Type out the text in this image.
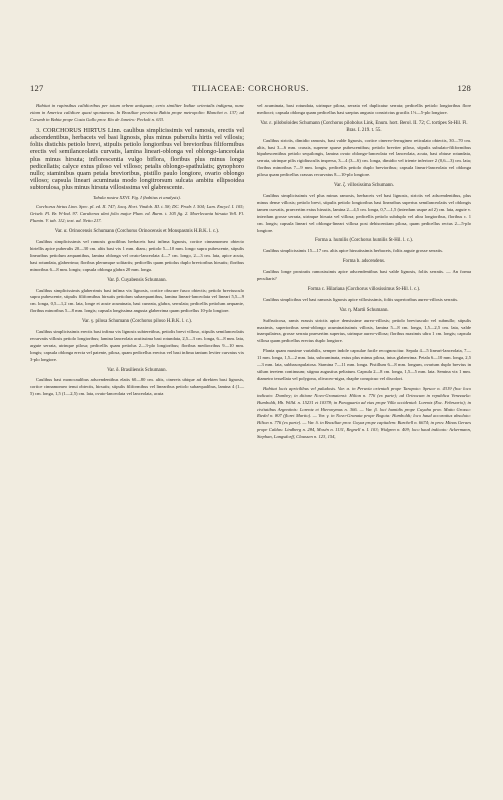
127	TILIACEAE: CORCHORUS.	128

Habitat in rupinsibus calidioribus per totum orbem antiquum; certo similiter Indiae orientalis indigena, nunc etiam in America calidiore quasi spontaneus. In Brasiliae provincia Bahia prope metropolin: Blanchet n. 137; ad Corumb in Bahia prope Costa Gallo prov. Rio de Janeiro: Peckolt n. 633.

3. CORCHORUS HIRTUS Linn. caulibus simplicissimis vel ramosis, erectis vel adscendentibus, herbaceis vel basi lignosis, plus minus puberulis hirtis vel villosis; foliis distichis petiolo brevi, stipulis petiolo longioribus vel brevioribus filiformibus erectis vel semilanceolatis curvatis, lamina lineari-oblonga vel oblongo-lanceolata plus minus hirsuta; inflorescentia vulgo biflora, floribus plus minus longe pedicellatis; calyce extus piloso vel villoso; petalis oblongo-spathulatis; gynophoro nullo; staminibus quam petala brevioribus, pistillo paulo longiore, ovario oblongo villoso; capsula lineari acuminata modo longitrorsum sulcata ambitu ellipsoidea subtorulosa, plus minus hirsuta villosissima vel glabrescente.

Tabula nostra XXVI. Fig. I (habitus et analysis).

Corchorus hirtus Linn. Spec. pl. ed. II. 747; Jacq. Hort. Vindob. III. t. 58; DC. Prodr. I. 504; Lam. Encycl. I. 105; Griseb. Fl. Br. W-Ind. 97. Caruheras ulmi folio major Plum. ed. Burm. t. 105 fig. 2. Moerlecania hirsuta Vell. Fl. Flumin. V. tab. 112; text. ad. Netto 217.

Var. α. Orinocensis Schumann (Corchorus Orinocensis et Monspasmis H.B.K. l. c.).

Caulibus simplicissimis vel ramosis gracilibus herbaceis basi infima lignosis, cortice cinnamomeo obtecto hirtellis apice puberulis 20—30 cm. altis basi vix 1 mm. diam.; petiolo 5—10 mm. longo supra pubescente, stipulis linearibus petiolum aequantibus, lamina oblonga vel ovato-lanceolata 4—7 cm. longo, 2—3 cm. lata, apice acuta, basi rotundata, glaberrima; floribus plerumque solitariis; pedicellis quam petiolus duplo brevioribus hirsutis; floribus minoribus 6—8 mm. longis; capsula oblonga glabra 20 mm. longa.

Var. β. Cuyabensis Schumann.

Caulibus simplicissimis glaberrimis basi infima vix lignosis, cortice obscure fusco obtectis; petiolo breviusculo supra pubescente, stipulis filiformibus hirsutis petiolum subaequantibus, lamina lineari-lanceolata vel lineari 5,5—9 cm. longa, 0,5—1,2 cm. lata, longe et acute acuminata, basi cuneata, glabra, serrulata; pedicellis petiolum aequante, floribus minoribus 5—8 mm. longis; capsula longissima angusta glaberrima quam pedicellus 10-plo longiore.

Var. γ. pilosa Schumann (Corchorus piloso H.B.K. l. c.).

Caulibus simplicissimis erectis basi infima vix lignosis subteretibus, petiolis brevi villoso, stipulis semilanceolatis recurvatis villosis petiolo longioribus; lamina lanceolata acutissima basi rotundata, 2,5—3 cm. longa, 6—8 mm. lata, argute serrata, utrinque pilosa; pedicellis quam petiolus 2—3-plo longioribus; floribus mediocribus 9—10 mm. longis; capsula oblonga erecta vel patente, pilosa, quam pedicellus erectus vel basi infima tantum leviter curvatus vix 3-plo longiore.

Var. δ. Brasiliensis Schumann.

Caulibus basi monocaulibus adscendentibus elatis 60—80 cm. altis, cinereis ubique ad direkten basi lignosis, cortice cinnamomeo tenui obtectis, hirsutis; stipulis filiformibus vel linearibus petiolo subaequalibus, lamina 4 (1—5) cm. longa, 1,5 (1—2,5) cm. lata, ovato-lanceolata vel lanceolata, acuta

vel acuminata, basi rotundata, utrinque pilosa, serrata vel duplicatur serrata; pedicellis petiolo longioribus flore mediocri; capsula oblonga quam pedicellus basi saepius angusto constrictus gracilis 1½—5-plo longiore.

Var. ε. piloboloides Schumann (Corchorus pilobolus Link, Enum. hort. Berol. II. 72; C. tortipes St-Hil. Fl. Bras. I. 219. t. 55.

Caulibus strictis, dimidio ramosis, basi valde lignosis, cortice cinereo-ferrugineo reticulato obtectis, 30—70 cm. altis, basi 3—6 mm. crassis, superne sparse pubescentibus; petiolo breviter piloso, stipulis subulato-filiformibus bipubescentibus petiolo sequilongis, lamina ovato oblongo-lanceolata vel lanceolata, acuta, basi obtuse rotundata, serrata, utrinque pilis rigidiusculis inspersa, 3—4 (3—6) cm. longa, dimidio vel triente inferiore 2 (0,6—3) cm. lata; floribus minoribus 7—9 mm. longis, pedicellis petiolo duplo brevioribus; capsula lineari-lanceolata vel oblonga pilosa quam pedicellus crassus recurvatus 8—10-plo longiore.

Var. ζ. villosissima Schumann.

Caulibus simplicissimis vel plus minus ramosis, herbaceis vel basi lignosis, strictis vel adscendentibus, plus minus dense villosis; petiolo brevi, stipulis petiolo longioribus basi linearibus superius semilanceolatis vel oblongis tamen curvatis, praecertim extus hirsutis, lamina 2—4,5 cm. longa, 0,7—1,5 (interdum usque ad 2) cm. lata, argute v. interdum grosse serrata, utrinque hirsuta vel villosa; pedicellis petiolo subduplo vel altra longioribus, floribus c. 1 cm. longis; capsula lineari vel oblonga-lineari villosa post dehiscentiam pilosa, quam pedicellus rectus 2—5-plo longiore.

Forma a. humilis (Corchorus humilis St-Hil. l. c.).

Caulibus simplicissimis 15—17 cm. altis apice hirsutissimis herbaceis, foliis argute grosse serratis.

Forma b. adscendens.

Caulibus longe prostratis ramosissimis apice adscendentibus basi valde lignosis, foliis serratis. — An forma peculiaris?

Forma c. Hilariana (Corchorus villosissimus St-Hil. l. c.).

Caulibus simplicibus vel basi ramosis lignosis apice villosissimis, foliis superioribus aureo-villosis serratis.

Var. η. Martii Schumann.

Suffruticosa, ramis erassis strictis apice densissime aureo-villosis; petiolo breviusculo vel subnullo; stipulis maximis, superioribus semi-oblongo acuminatissimis villosis, lamina 5—8 cm. longa, 1,5—2,5 cm. lata, valde inaequilatera, grosse serrata praesertim superius, utrinque aureo-villosa; floribus maximis ultra 1 cm. longis; capsula villosa quam pedicellus erectus duplo longiore.

Planta quam maxime variabilis, semper indole capsulae facile recognoscitur. Sepala 4—5 lineari-lanceolata, 7—11 mm. longa, 1,5—2 mm. lata, subcuminata, extus plus minus pilosa, intus glaberrima. Petala 6—10 mm. longa, 2,5—3 mm. lata, subbasospulatosa. Stamina 7—11 mm. longa. Pistillum 6—8 mm. longum, ovarium duplo brevius in stilum teretem continuum; stigma augustius peltatum. Capsula 2—8 cm. longa, 1,5—5 mm. lata. Semina vix 1 mm. diametro tessellata vel polygona, olivaceo-nigra, rhaphe conspicuo vel discolori.

Habitat locis apricilibus vel paludosis. Var. α. in Peruvia orientali prope Tarapoto: Spruce n. 4319 (hoc loco indicato: Dombey; in ditione Novo-Granatensi: Hilton n. 776 (ex parte); ad Orinocum in republica Venezuela: Humboldt, Hb. Willd. n. 15231 et 10378; in Paraguaria ad vias prope Villa occidental: Lorentz (Exc. Februario); in civitatibus Argentinis: Lorentz et Hieronymus n. 366. — Var. β. loci humidis prope Cuyaba prov. Matto Grosso: Riedel n. 807 (floret Martio). — Var. γ. in Novo-Granata prope Bogota: Humboldt; loco haud accuratius absoluto: Hilton n. 776 (ex parte). — Var. δ. in Brasiliae prov. Goyaz prope capitalem: Burchell n. 6674; in prov. Minas Geraes prope Caldas: Lindberg n. 284, Mosén n. 1131, Regnell n. I. 103; Widgren n. 409; loco haud indicato: Ackermann, Stephan, Langsdorff, Claussen n. 123, 154,
